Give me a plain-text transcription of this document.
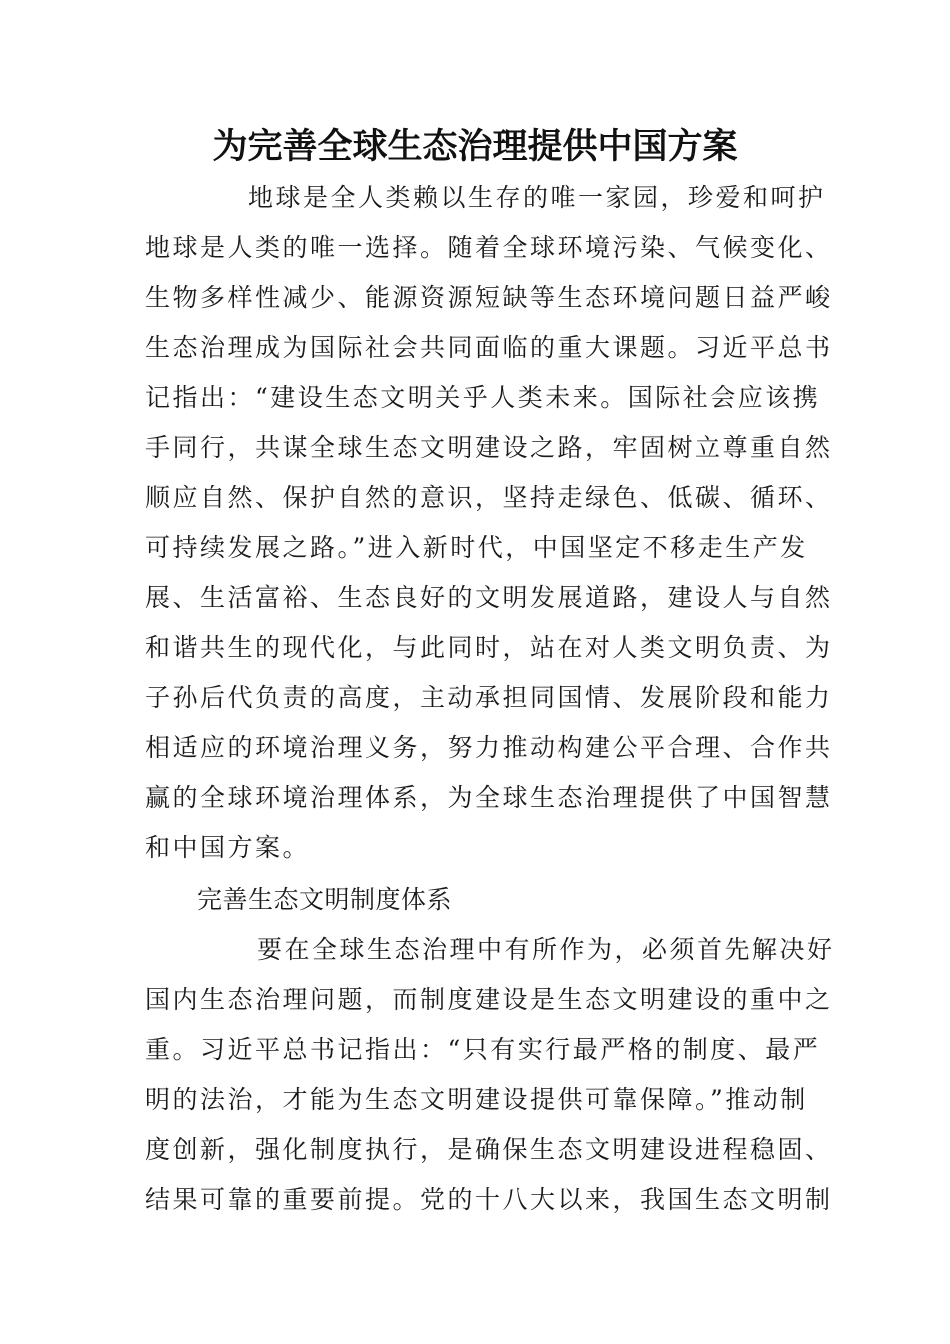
为完善全球生态治理提供中国方案
地球是全人类赖以生存的唯一家园，珍爱和呵护
地球是人类的唯一选择。随着全球环境污染、气候变化、
生物多样性减少、能源资源短缺等生态环境问题日益严峻
生态治理成为国际社会共同面临的重大课题。习近平总书
记指出：“建设生态文明关乎人类未来。国际社会应该携
手同行，共谋全球生态文明建设之路，牢固树立尊重自然
顺应自然、保护自然的意识，坚持走绿色、低碳、循环、
可持续发展之路。”进入新时代，中国坚定不移走生产发
展、生活富裕、生态良好的文明发展道路，建设人与自然
和谐共生的现代化，与此同时，站在对人类文明负责、为
子孙后代负责的高度，主动承担同国情、发展阶段和能力
相适应的环境治理义务，努力推动构建公平合理、合作共
赢的全球环境治理体系，为全球生态治理提供了中国智慧
和中国方案。
完善生态文明制度体系
要在全球生态治理中有所作为，必须首先解决好
国内生态治理问题，而制度建设是生态文明建设的重中之
重。习近平总书记指出：“只有实行最严格的制度、最严
明的法治，才能为生态文明建设提供可靠保障。”推动制
度创新，强化制度执行，是确保生态文明建设进程稳固、
结果可靠的重要前提。党的十八大以来，我国生态文明制
